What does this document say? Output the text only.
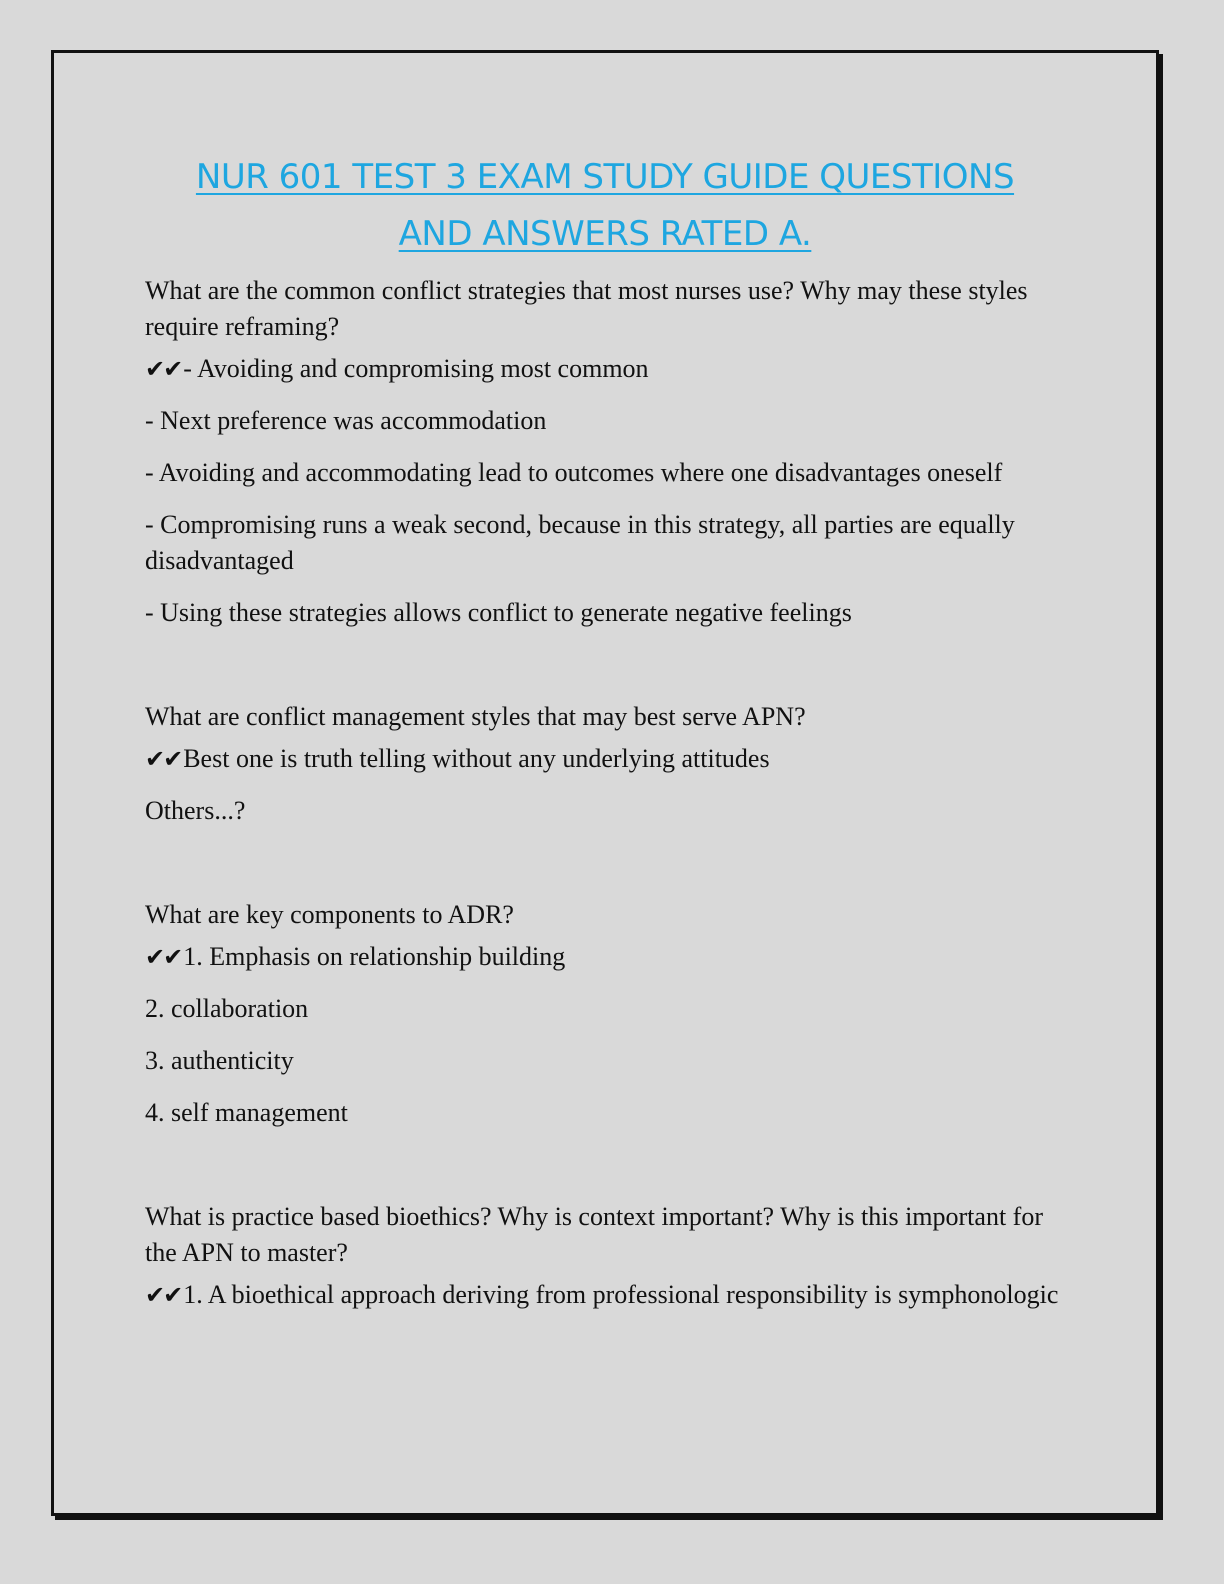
NUR 601 TEST 3 EXAM STUDY GUIDE QUESTIONS
AND ANSWERS RATED A.
What are the common conflict strategies that most nurses use? Why may these styles require reframing?
✔✔- Avoiding and compromising most common
- Next preference was accommodation
- Avoiding and accommodating lead to outcomes where one disadvantages oneself
- Compromising runs a weak second, because in this strategy, all parties are equally disadvantaged
- Using these strategies allows conflict to generate negative feelings
What are conflict management styles that may best serve APN?
✔✔Best one is truth telling without any underlying attitudes
Others...?
What are key components to ADR?
✔✔1. Emphasis on relationship building
2. collaboration
3. authenticity
4. self management
What is practice based bioethics? Why is context important? Why is this important for the APN to master?
✔✔1. A bioethical approach deriving from professional responsibility is symphonologic
